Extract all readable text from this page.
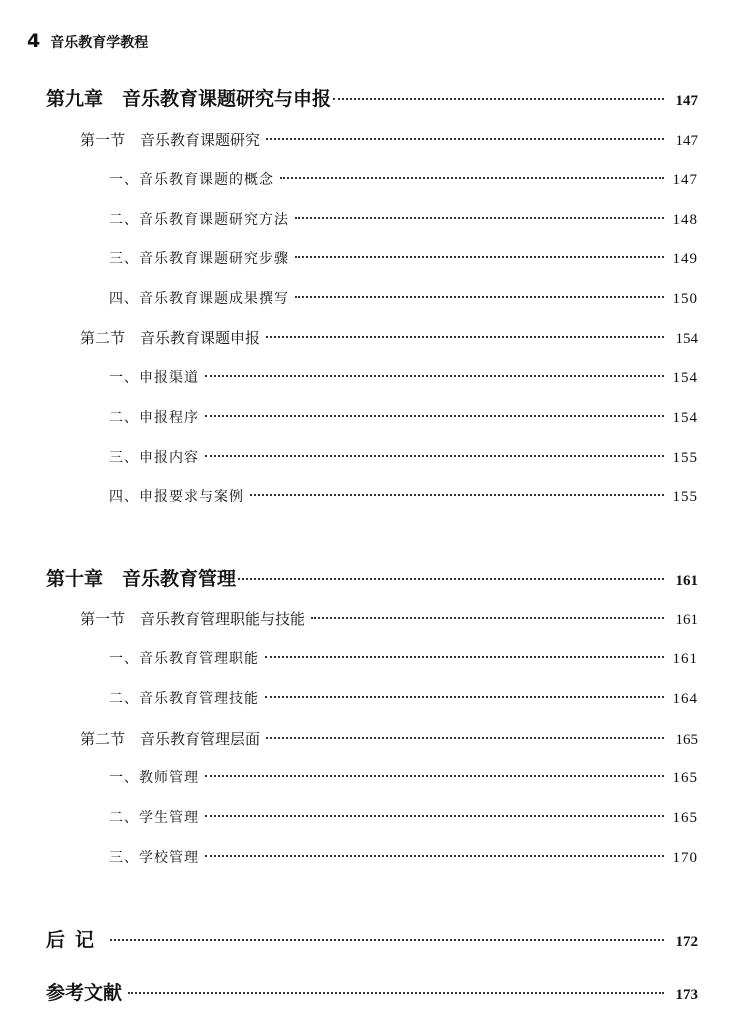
4 音乐教育学教程
第九章　音乐教育课题研究与申报	147
第一节　音乐教育课题研究	147
一、音乐教育课题的概念	147
二、音乐教育课题研究方法	148
三、音乐教育课题研究步骤	149
四、音乐教育课题成果撰写	150
第二节　音乐教育课题申报	154
一、申报渠道	154
二、申报程序	154
三、申报内容	155
四、申报要求与案例	155
第十章　音乐教育管理	161
第一节　音乐教育管理职能与技能	161
一、音乐教育管理职能	161
二、音乐教育管理技能	164
第二节　音乐教育管理层面	165
一、教师管理	165
二、学生管理	165
三、学校管理	170
后记	172
参考文献	173
